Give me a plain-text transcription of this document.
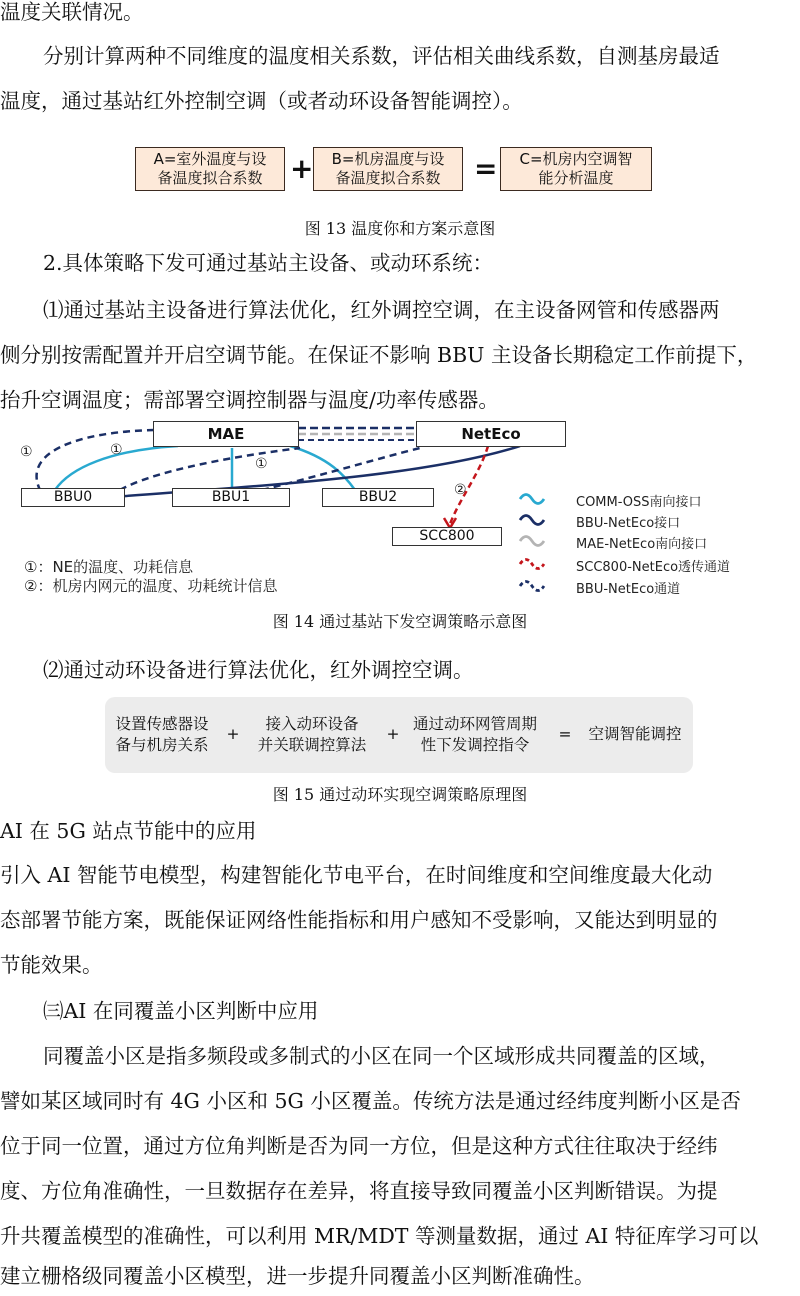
温度关联情况。

分别计算两种不同维度的温度相关系数，评估相关曲线系数，自测基房最适

温度，通过基站红外控制空调（或者动环设备智能调控）。

A=室外温度与设
备温度拟合系数 + B=机房温度与设
备温度拟合系数 = C=机房内空调智
能分析温度

图 13 温度你和方案示意图

2.具体策略下发可通过基站主设备、或动环系统：

⑴通过基站主设备进行算法优化，红外调控空调，在主设备网管和传感器两

侧分别按需配置并开启空调节能。在保证不影响 BBU 主设备长期稳定工作前提下，

抬升空调温度；需部署空调控制器与温度/功率传感器。

MAE	NetEco
BBU0	BBU1	BBU2
SCC800
①	①
①
②
COMM-OSS南向接口
BBU-NetEco接口
MAE-NetEco南向接口
SCC800-NetEco透传通道
BBU-NetEco通道
①：NE的温度、功耗信息
②：机房内网元的温度、功耗统计信息

图 14 通过基站下发空调策略示意图

⑵通过动环设备进行算法优化，红外调控空调。

设置传感器设
备与机房关系
+
接入动环设备
并关联调控算法
+
通过动环网管周期
性下发调控指令
=	空调智能调控

图 15 通过动环实现空调策略原理图

AI 在 5G 站点节能中的应用

引入 AI 智能节电模型，构建智能化节电平台，在时间维度和空间维度最大化动

态部署节能方案，既能保证网络性能指标和用户感知不受影响，又能达到明显的

节能效果。

㈢AI 在同覆盖小区判断中应用

同覆盖小区是指多频段或多制式的小区在同一个区域形成共同覆盖的区域，

譬如某区域同时有 4G 小区和 5G 小区覆盖。传统方法是通过经纬度判断小区是否

位于同一位置，通过方位角判断是否为同一方位，但是这种方式往往取决于经纬

度、方位角准确性，一旦数据存在差异，将直接导致同覆盖小区判断错误。为提

升共覆盖模型的准确性，可以利用 MR/MDT 等测量数据，通过 AI 特征库学习可以

建立栅格级同覆盖小区模型，进一步提升同覆盖小区判断准确性。
